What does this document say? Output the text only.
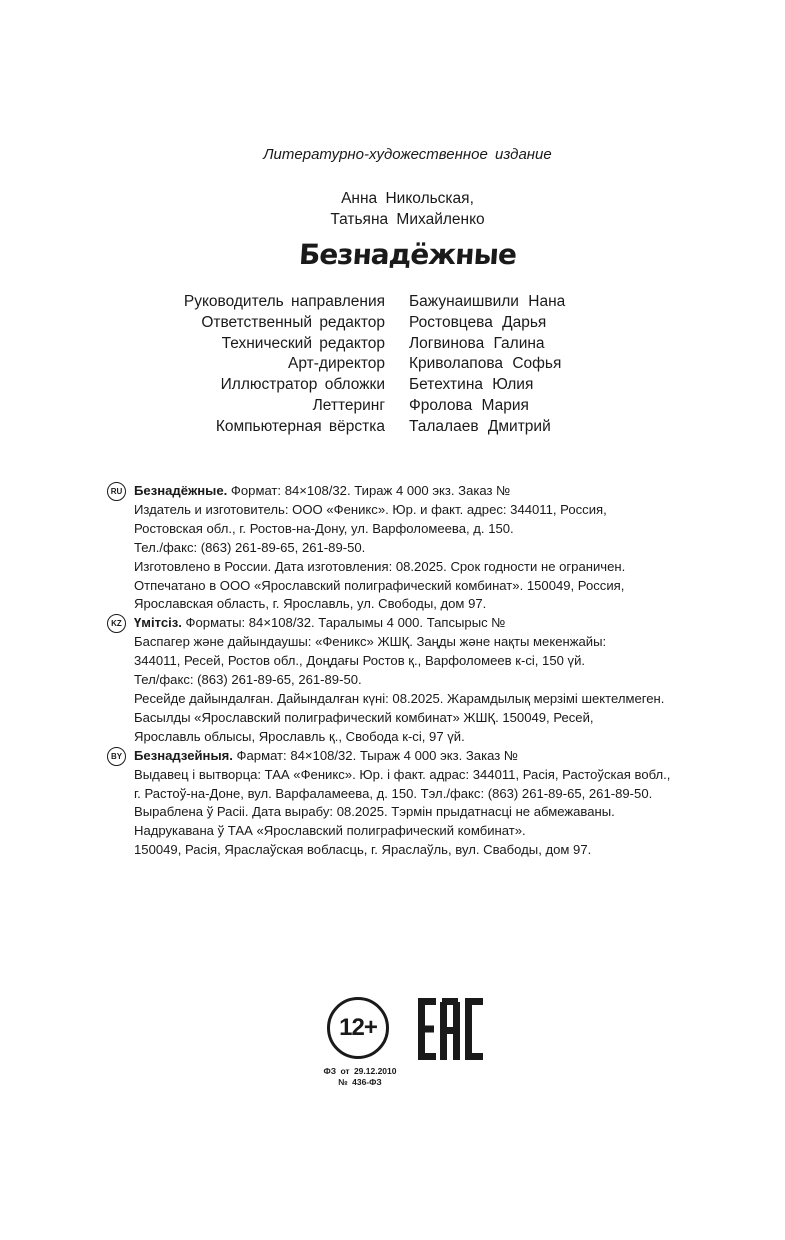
Литературно-художественное издание
Анна Никольская,
Татьяна Михайленко
Безнадёжные
Руководитель направления	Бажунаишвили Нана
Ответственный редактор	Ростовцева Дарья
Технический редактор	Логвинова Галина
Арт-директор	Криволапова Софья
Иллюстратор обложки	Бетехтина Юлия
Леттеринг	Фролова Мария
Компьютерная вёрстка	Талалаев Дмитрий
RU Безнадёжные. Формат: 84×108/32. Тираж 4 000 экз. Заказ №
Издатель и изготовитель: ООО «Феникс». Юр. и факт. адрес: 344011, Россия,
Ростовская обл., г. Ростов-на-Дону, ул. Варфоломеева, д. 150.
Тел./факс: (863) 261-89-65, 261-89-50.
Изготовлено в России. Дата изготовления: 08.2025. Срок годности не ограничен.
Отпечатано в ООО «Ярославский полиграфический комбинат». 150049, Россия,
Ярославская область, г. Ярославль, ул. Свободы, дом 97.
KZ Үмітсіз. Форматы: 84×108/32. Таралымы 4 000. Тапсырыс №
Баспагер және дайындаушы: «Феникс» ЖШҚ. Заңды және нақты мекенжайы:
344011, Ресей, Ростов обл., Доңдағы Ростов қ., Варфоломеев к-сі, 150 үй.
Тел/факс: (863) 261-89-65, 261-89-50.
Ресейде дайындалған. Дайындалған күні: 08.2025. Жарамдылық мерзімі шектелмеген.
Басылды «Ярославский полиграфический комбинат» ЖШҚ. 150049, Ресей,
Ярославль облысы, Ярославль қ., Свобода к-сі, 97 үй.
BY Безнадзейныя. Фармат: 84×108/32. Тыраж 4 000 экз. Заказ №
Выдавец і вытворца: ТАА «Феникс». Юр. і факт. адрас: 344011, Расія, Растоўская вобл.,
г. Растоў-на-Доне, вул. Варфаламеева, д. 150. Тэл./факс: (863) 261-89-65, 261-89-50.
Выраблена ў Расіі. Дата вырабу: 08.2025. Тэрмін прыдатнасці не абмежаваны.
Надрукавана ў ТАА «Ярославский полиграфический комбинат».
150049, Расія, Яраслаўская вобласць, г. Яраслаўль, вул. Свабоды, дом 97.
12+
ФЗ от 29.12.2010
№ 436-ФЗ
